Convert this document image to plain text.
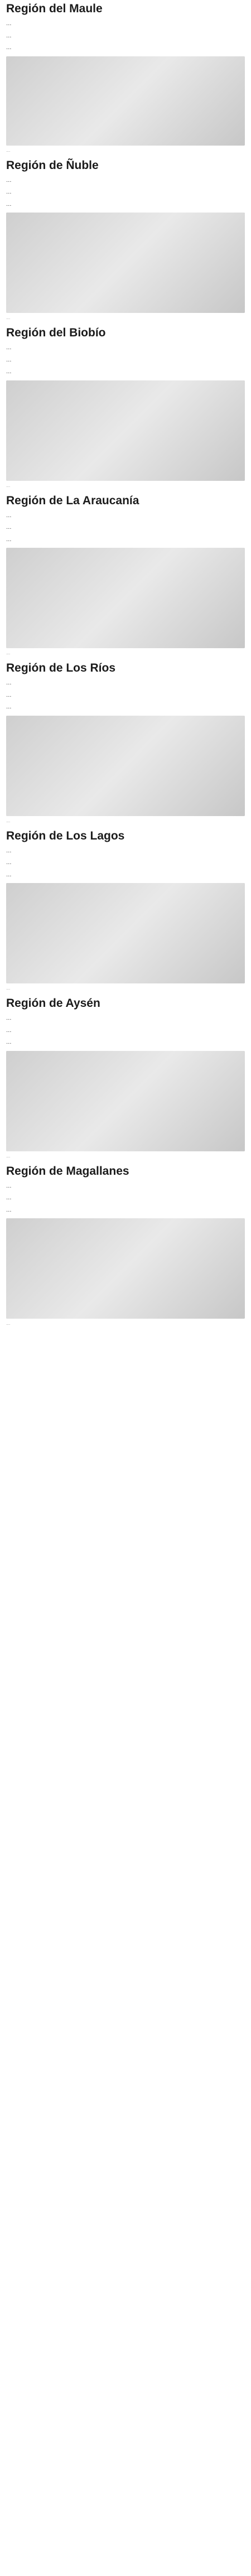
Región del Maule

…

…

…

…
Región de Ñuble

…

…

…

…
Región del Biobío

…

…

…

…
Región de La Araucanía

…

…

…

…
Región de Los Ríos

…

…

…

…
Región de Los Lagos

…

…

…

…
Región de Aysén

…

…

…

…
Región de Magallanes

…

…

…

…
